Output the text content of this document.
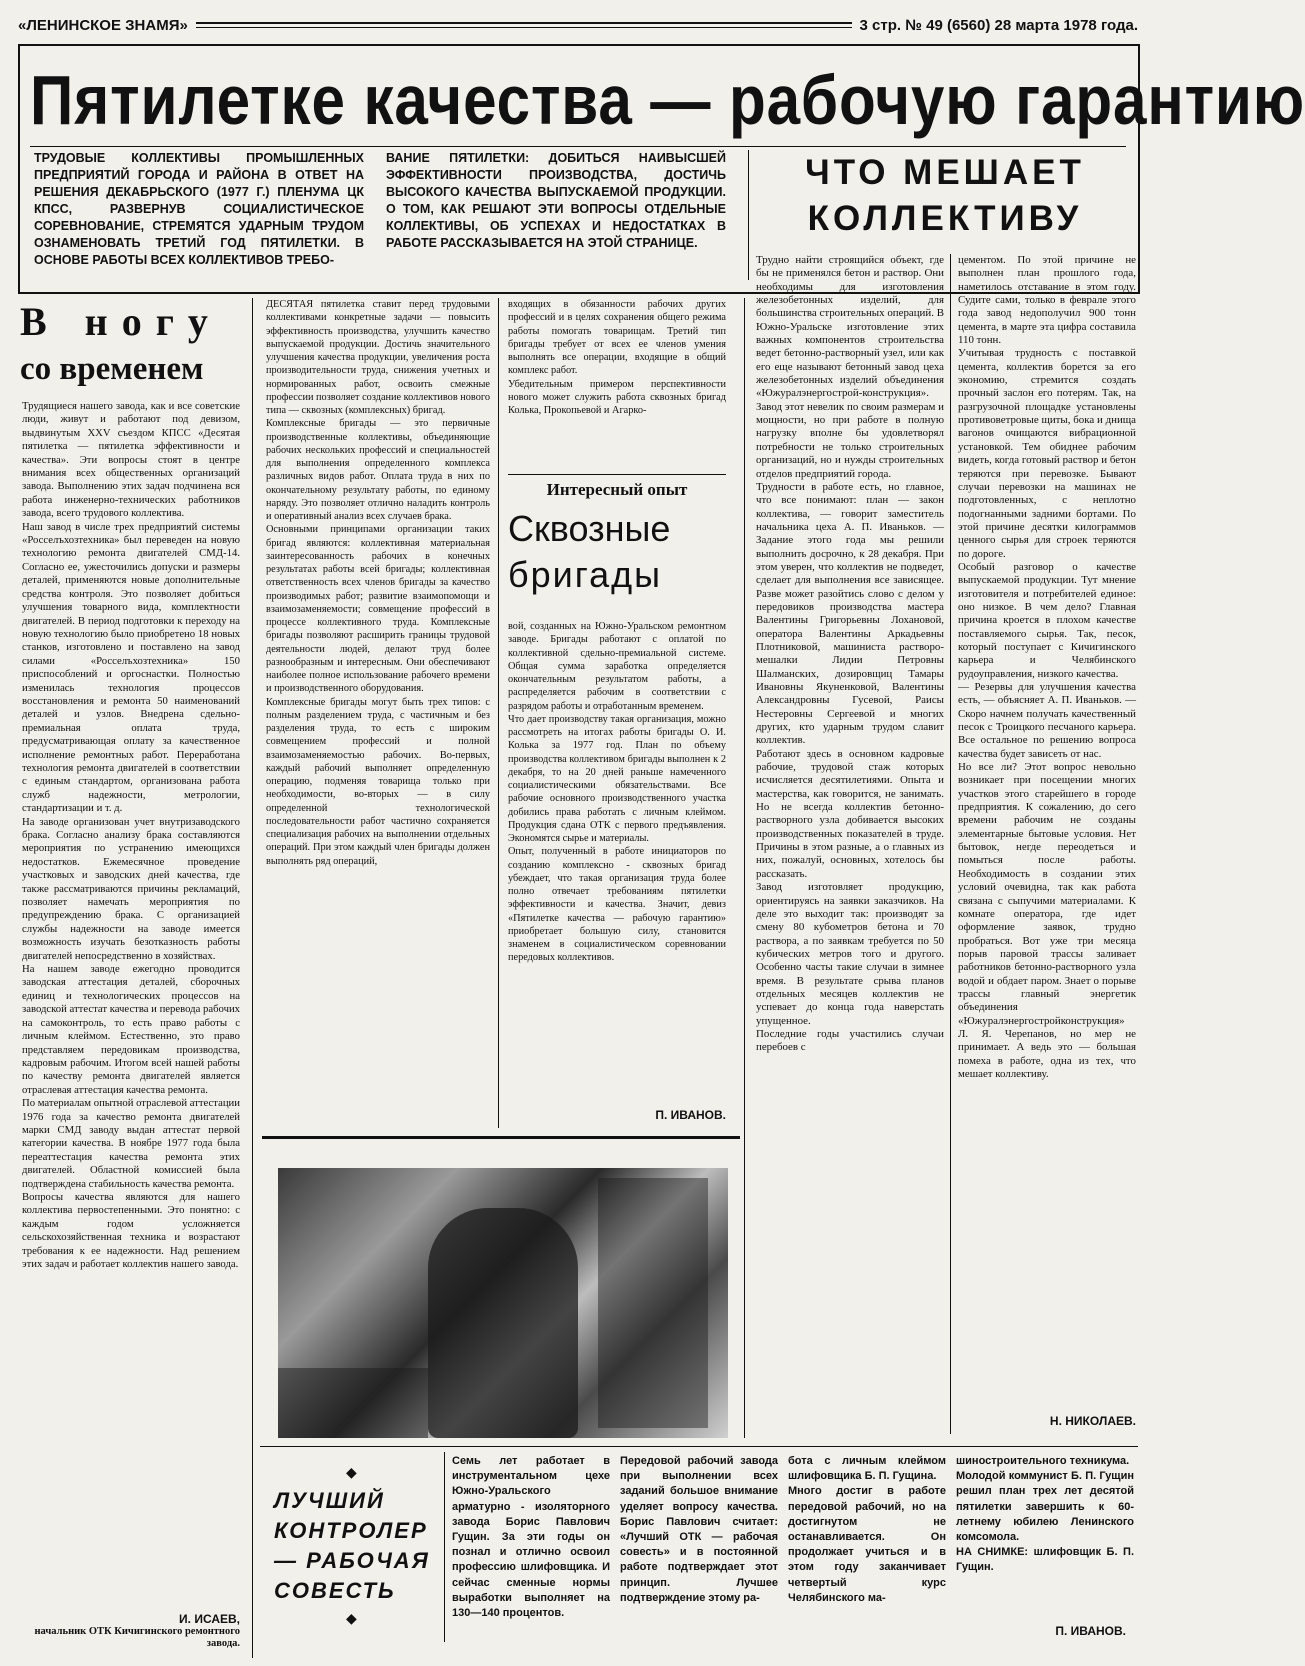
«ЛЕНИНСКОЕ ЗНАМЯ»	3 стр. № 49 (6560) 28 марта 1978 года.
Пятилетке качества — рабочую гарантию
ТРУДОВЫЕ КОЛЛЕКТИВЫ ПРОМЫШЛЕННЫХ ПРЕДПРИЯТИЙ ГОРОДА И РАЙОНА В ОТВЕТ НА РЕШЕНИЯ ДЕКАБРЬСКОГО (1977 Г.) ПЛЕНУМА ЦК КПСС, РАЗВЕРНУВ СОЦИАЛИСТИЧЕСКОЕ СОРЕВНОВАНИЕ, СТРЕМЯТСЯ УДАРНЫМ ТРУДОМ ОЗНАМЕНОВАТЬ ТРЕТИЙ ГОД ПЯТИЛЕТКИ. В ОСНОВЕ РАБОТЫ ВСЕХ КОЛЛЕКТИВОВ ТРЕБО-
ВАНИЕ ПЯТИЛЕТКИ: ДОБИТЬСЯ НАИВЫСШЕЙ ЭФФЕКТИВНОСТИ ПРОИЗВОДСТВА, ДОСТИЧЬ ВЫСОКОГО КАЧЕСТВА ВЫПУСКАЕМОЙ ПРОДУКЦИИ. О ТОМ, КАК РЕШАЮТ ЭТИ ВОПРОСЫ ОТДЕЛЬНЫЕ КОЛЛЕКТИВЫ, ОБ УСПЕХАХ И НЕДОСТАТКАХ В РАБОТЕ РАССКАЗЫВАЕТСЯ НА ЭТОЙ СТРАНИЦЕ.
ЧТО МЕШАЕТ
КОЛЛЕКТИВУ
В ногу
со временем
Трудящиеся нашего завода, как и все советские люди, живут и работают под девизом, выдвинутым XXV съездом КПСС «Десятая пятилетка — пятилетка эффективности и качества». Эти вопросы стоят в центре внимания всех общественных организаций завода. Выполнению этих задач подчинена вся работа инженерно-технических работников завода, всего трудового коллектива.
Наш завод в числе трех предприятий системы «Росселъхозтехника» был переведен на новую технологию ремонта двигателей СМД-14. Согласно ее, ужесточились допуски и размеры деталей, применяются новые дополнительные средства контроля. Это позволяет добиться улучшения товарного вида, комплектности двигателей. В период подготовки к переходу на новую технологию было приобретено 18 новых станков, изготовлено и поставлено на завод силами «Росселъхозтехника» 150 приспособлений и оргоснастки. Полностью изменилась технология процессов восстановления и ремонта 50 наименований деталей и узлов. Внедрена сдельно-премиальная оплата труда, предусматривающая оплату за качественное исполнение ремонтных работ. Переработана технология ремонта двигателей в соответствии с единым стандартом, организована работа служб надежности, метрологии, стандартизации и т. д.
На заводе организован учет внутризаводского брака. Согласно анализу брака составляются мероприятия по устранению имеющихся недостатков. Ежемесячное проведение участковых и заводских дней качества, где также рассматриваются причины рекламаций, позволяет намечать мероприятия по предупреждению брака. С организацией службы надежности на заводе имеется возможность изучать безотказность работы двигателей непосредственно в хозяйствах.
На нашем заводе ежегодно проводится заводская аттестация деталей, сборочных единиц и технологических процессов на заводской аттестат качества и перевода рабочих на самоконтроль, то есть право работы с личным клеймом. Естественно, это право представляем передовикам производства, кадровым рабочим. Итогом всей нашей работы по качеству ремонта двигателей является отраслевая аттестация качества ремонта.
По материалам опытной отраслевой аттестации 1976 года за качество ремонта двигателей марки СМД заводу выдан аттестат первой категории качества. В ноябре 1977 года была переаттестация качества ремонта этих двигателей. Областной комиссией была подтверждена стабильность качества ремонта.
Вопросы качества являются для нашего коллектива первостепенными. Это понятно: с каждым годом усложняется сельскохозяйственная техника и возрастают требования к ее надежности. Над решением этих задач и работает коллектив нашего завода.
И. ИСАЕВ,
начальник ОТК Кичигинского ремонтного завода.
ДЕСЯТАЯ пятилетка ставит перед трудовыми коллективами конкретные задачи — повысить эффективность производства, улучшить качество выпускаемой продукции. Достичь значительного улучшения качества продукции, увеличения роста производительности труда, снижения учетных и нормированных работ, освоить смежные профессии позволяет создание коллективов нового типа — сквозных (комплексных) бригад.
Комплексные бригады — это первичные производственные коллективы, объединяющие рабочих нескольких профессий и специальностей для выполнения определенного комплекса различных видов работ. Оплата труда в них по окончательному результату работы, по единому наряду. Это позволяет отлично наладить контроль и оперативный анализ всех случаев брака.
Основными принципами организации таких бригад являются: коллективная материальная заинтересованность рабочих в конечных результатах работы всей бригады; коллективная ответственность всех членов бригады за качество производимых работ; развитие взаимопомощи и взаимозаменяемости; совмещение профессий в процессе коллективного труда. Комплексные бригады позволяют расширить границы трудовой деятельности людей, делают труд более разнообразным и интересным. Они обеспечивают наиболее полное использование рабочего времени и производственного оборудования.
Комплексные бригады могут быть трех типов: с полным разделением труда, с частичным и без разделения труда, то есть с широким совмещением профессий и полной взаимозаменяемостью рабочих. Во-первых, каждый рабочий выполняет определенную операцию, подменяя товарища только при необходимости, во-вторых — в силу определенной технологической последовательности работ частично сохраняется специализация рабочих на выполнении отдельных операций. При этом каждый член бригады должен выполнять ряд операций,
входящих в обязанности рабочих других профессий и в целях сохранения общего режима работы помогать товарищам. Третий тип бригады требует от всех ее членов умения выполнять все операции, входящие в общий комплекс работ.
Убедительным примером перспективности нового может служить работа сквозных бригад Колька, Прокопьевой и Агарко-
Интересный опыт
Сквозные
бригады
вой, созданных на Южно-Уральском ремонтном заводе. Бригады работают с оплатой по коллективной сдельно-премиальной системе. Общая сумма заработка определяется окончательным результатом работы, а распределяется рабочим в соответствии с разрядом работы и отработанным временем.
Что дает производству такая организация, можно рассмотреть на итогах работы бригады О. И. Колька за 1977 год. План по объему производства коллективом бригады выполнен к 2 декабря, то на 20 дней раньше намеченного социалистическими обязательствами. Все рабочие основного производственного участка добились права работать с личным клеймом. Продукция сдана ОТК с первого предъявления. Экономятся сырье и материалы.
Опыт, полученный в работе инициаторов по созданию комплексно - сквозных бригад убеждает, что такая организация труда более полно отвечает требованиям пятилетки эффективности и качества. Значит, девиз «Пятилетке качества — рабочую гарантию» приобретает большую силу, становится знаменем в социалистическом соревновании передовых коллективов.
П. ИВАНОВ.
Трудно найти строящийся объект, где бы не применялся бетон и раствор. Они необходимы для изготовления железобетонных изделий, для большинства строительных операций. В Южно-Уральске изготовление этих важных компонентов строительства ведет бетонно-растворный узел, или как его еще называют бетонный завод цеха железобетонных изделий объединения «Южуралэнергострой-конструкция».
Завод этот невелик по своим размерам и мощности, но при работе в полную нагрузку вполне бы удовлетворял потребности не только строительных организаций, но и нужды строительных отделов предприятий города.
Трудности в работе есть, но главное, что все понимают: план — закон коллектива, — говорит заместитель начальника цеха А. П. Иваньков. — Задание этого года мы решили выполнить досрочно, к 28 декабря. При этом уверен, что коллектив не подведет, сделает для выполнения все зависящее. Разве может разойтись слово с делом у передовиков производства мастера Валентины Григорьевны Лохановой, оператора Валентины Аркадьевны Плотниковой, машиниста растворо-мешалки Лидии Петровны Шалманских, дозировщиц Тамары Ивановны Якуненковой, Валентины Александровны Гусевой, Раисы Нестеровны Сергеевой и многих других, кто ударным трудом славит коллектив.
Работают здесь в основном кадровые рабочие, трудовой стаж которых исчисляется десятилетиями. Опыта и мастерства, как говорится, не занимать. Но не всегда коллектив бетонно-растворного узла добивается высоких производственных показателей в труде. Причины в этом разные, а о главных из них, пожалуй, основных, хотелось бы рассказать.
Завод изготовляет продукцию, ориентируясь на заявки заказчиков. На деле это выходит так: производят за смену 80 кубометров бетона и 70 раствора, а по заявкам требуется по 50 кубических метров того и другого. Особенно часты такие случаи в зимнее время. В результате срыва планов отдельных месяцев коллектив не успевает до конца года наверстать упущенное.
Последние годы участились случаи перебоев с
цементом. По этой причине не выполнен план прошлого года, наметилось отставание в этом году. Судите сами, только в феврале этого года завод недополучил 900 тонн цемента, в марте эта цифра составила 110 тонн.
Учитывая трудность с поставкой цемента, коллектив борется за его экономию, стремится создать прочный заслон его потерям. Так, на разгрузочной площадке установлены противоветровые щиты, бока и днища вагонов очищаются вибрационной установкой. Тем обиднее рабочим видеть, когда готовый раствор и бетон теряются при перевозке. Бывают случаи перевозки на машинах не подготовленных, с неплотно подогнанными задними бортами. По этой причине десятки килограммов ценного сырья для строек теряются по дороге.
Особый разговор о качестве выпускаемой продукции. Тут мнение изготовителя и потребителей единое: оно низкое. В чем дело? Главная причина кроется в плохом качестве поставляемого сырья. Так, песок, который поступает с Кичигинского карьера и Челябинского рудоуправления, низкого качества.
— Резервы для улучшения качества есть, — объясняет А. П. Иваньков. — Скоро начнем получать качественный песок с Троицкого песчаного карьера. Все остальное по решению вопроса качества будет зависеть от нас.
Но все ли? Этот вопрос невольно возникает при посещении многих участков этого старейшего в городе предприятия. К сожалению, до сего времени рабочим не созданы элементарные бытовые условия. Нет бытовок, негде переодеться и помыться после работы. Необходимость в создании этих условий очевидна, так как работа связана с сыпучими материалами. К комнате оператора, где идет оформление заявок, трудно пробраться. Вот уже три месяца порыв паровой трассы заливает работников бетонно-растворного узла водой и обдает паром. Знает о порыве трассы главный энергетик объединения «Южуралэнергостройконструкция» Л. Я. Черепанов, но мер не принимает. А ведь это — большая помеха в работе, одна из тех, что мешает коллективу.
Н. НИКОЛАЕВ.
ЛУЧШИЙ КОНТРОЛЕР — РАБОЧАЯ СОВЕСТЬ
◆
◆
Семь лет работает в инструментальном цехе Южно-Уральского арматурно - изоляторного завода Борис Павлович Гущин. За эти годы он познал и отлично освоил профессию шлифовщика. И сейчас сменные нормы выработки выполняет на 130—140 процентов.
Передовой рабочий завода при выполнении всех заданий большое внимание уделяет вопросу качества. Борис Павлович считает: «Лучший ОТК — рабочая совесть» и в постоянной работе подтверждает этот принцип. Лучшее подтверждение этому ра-
бота с личным клеймом шлифовщика Б. П. Гущина.
Много достиг в работе передовой рабочий, но на достигнутом не останавливается. Он продолжает учиться и в этом году заканчивает четвертый курс Челябинского ма-
шиностроительного техникума.
Молодой коммунист Б. П. Гущин решил план трех лет десятой пятилетки завершить к 60-летнему юбилею Ленинского комсомола.
НА СНИМКЕ: шлифовщик Б. П. Гущин.
П. ИВАНОВ.
